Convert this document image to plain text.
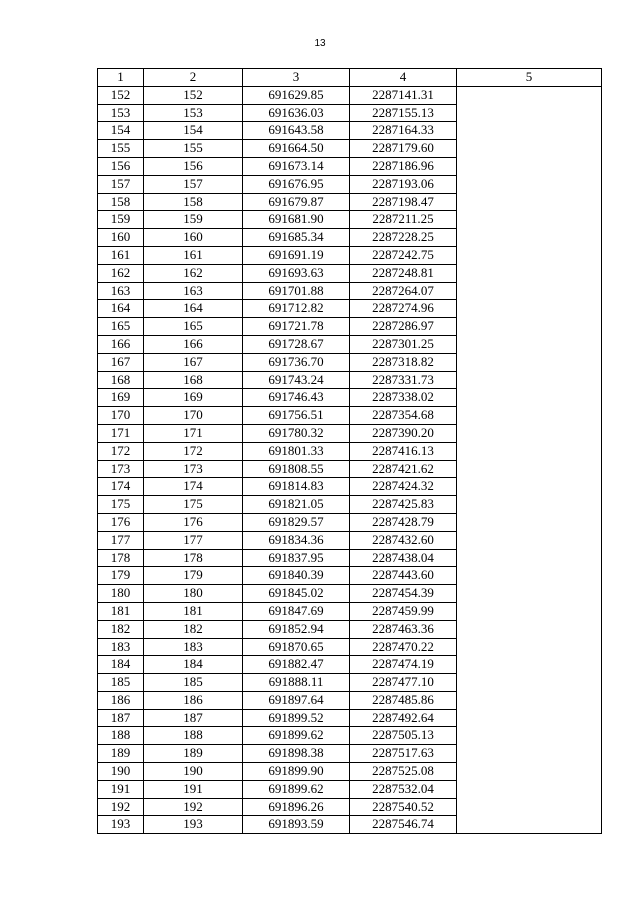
13
1	2	3	4	5
152	152	691629.85	2287141.31	
153	153	691636.03	2287155.13	
154	154	691643.58	2287164.33	
155	155	691664.50	2287179.60	
156	156	691673.14	2287186.96	
157	157	691676.95	2287193.06	
158	158	691679.87	2287198.47	
159	159	691681.90	2287211.25	
160	160	691685.34	2287228.25	
161	161	691691.19	2287242.75	
162	162	691693.63	2287248.81	
163	163	691701.88	2287264.07	
164	164	691712.82	2287274.96	
165	165	691721.78	2287286.97	
166	166	691728.67	2287301.25	
167	167	691736.70	2287318.82	
168	168	691743.24	2287331.73	
169	169	691746.43	2287338.02	
170	170	691756.51	2287354.68	
171	171	691780.32	2287390.20	
172	172	691801.33	2287416.13	
173	173	691808.55	2287421.62	
174	174	691814.83	2287424.32	
175	175	691821.05	2287425.83	
176	176	691829.57	2287428.79	
177	177	691834.36	2287432.60	
178	178	691837.95	2287438.04	
179	179	691840.39	2287443.60	
180	180	691845.02	2287454.39	
181	181	691847.69	2287459.99	
182	182	691852.94	2287463.36	
183	183	691870.65	2287470.22	
184	184	691882.47	2287474.19	
185	185	691888.11	2287477.10	
186	186	691897.64	2287485.86	
187	187	691899.52	2287492.64	
188	188	691899.62	2287505.13	
189	189	691898.38	2287517.63	
190	190	691899.90	2287525.08	
191	191	691899.62	2287532.04	
192	192	691896.26	2287540.52	
193	193	691893.59	2287546.74	
